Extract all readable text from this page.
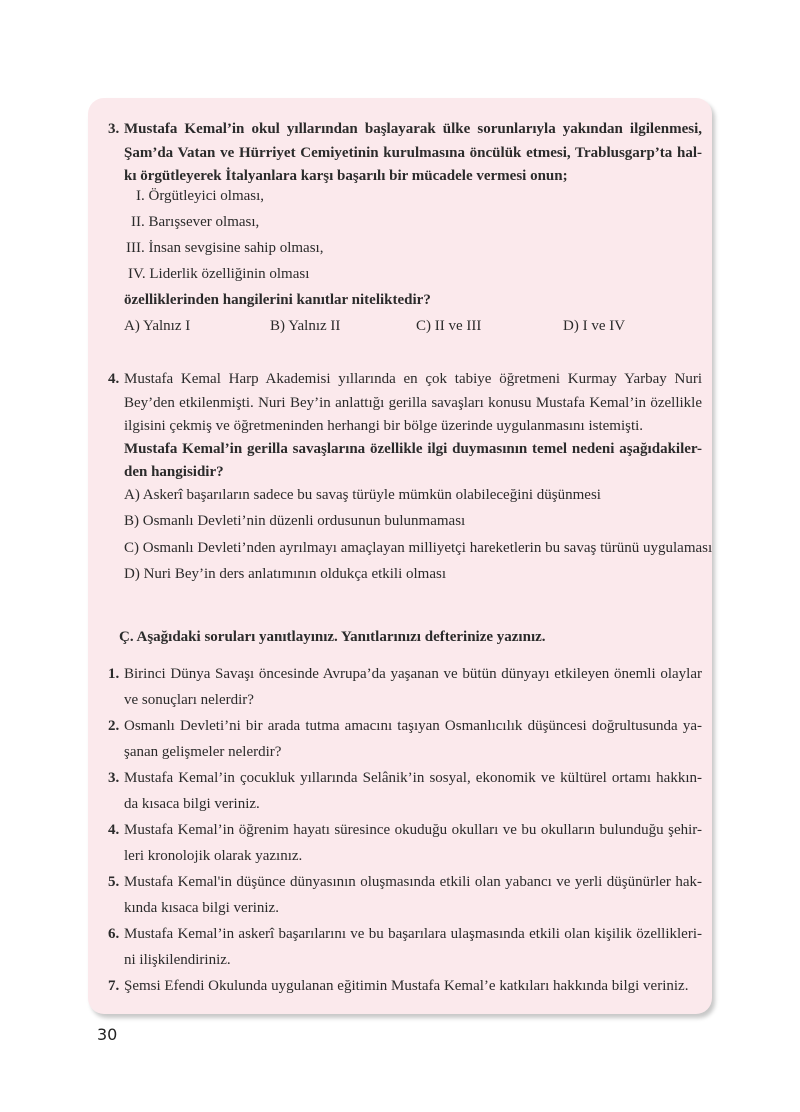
3. Mustafa Kemal’in okul yıllarından başlayarak ülke sorunlarıyla yakından ilgilenmesi,
Şam’da Vatan ve Hürriyet Cemiyetinin kurulmasına öncülük etmesi, Trablusgarp’ta hal-
kı örgütleyerek İtalyanlara karşı başarılı bir mücadele vermesi onun;
I. Örgütleyici olması,
II. Barışsever olması,
III. İnsan sevgisine sahip olması,
IV. Liderlik özelliğinin olması
özelliklerinden hangilerini kanıtlar niteliktedir?
A) Yalnız I	B) Yalnız II	C) II ve III	D) I ve IV
4. Mustafa Kemal Harp Akademisi yıllarında en çok tabiye öğretmeni Kurmay Yarbay Nuri
Bey’den etkilenmişti. Nuri Bey’in anlattığı gerilla savaşları konusu Mustafa Kemal’in özellikle
ilgisini çekmiş ve öğretmeninden herhangi bir bölge üzerinde uygulanmasını istemişti.
Mustafa Kemal’in gerilla savaşlarına özellikle ilgi duymasının temel nedeni aşağıdakiler-
den hangisidir?
A) Askerî başarıların sadece bu savaş türüyle mümkün olabileceğini düşünmesi
B) Osmanlı Devleti’nin düzenli ordusunun bulunmaması
C) Osmanlı Devleti’nden ayrılmayı amaçlayan milliyetçi hareketlerin bu savaş türünü uygulaması
D) Nuri Bey’in ders anlatımının oldukça etkili olması
Ç. Aşağıdaki soruları yanıtlayınız. Yanıtlarınızı defterinize yazınız.
1. Birinci Dünya Savaşı öncesinde Avrupa’da yaşanan ve bütün dünyayı etkileyen önemli olaylar
ve sonuçları nelerdir?
2. Osmanlı Devleti’ni bir arada tutma amacını taşıyan Osmanlıcılık düşüncesi doğrultusunda ya-
şanan gelişmeler nelerdir?
3. Mustafa Kemal’in çocukluk yıllarında Selânik’in sosyal, ekonomik ve kültürel ortamı hakkın-
da kısaca bilgi veriniz.
4. Mustafa Kemal’in öğrenim hayatı süresince okuduğu okulları ve bu okulların bulunduğu şehir-
leri kronolojik olarak yazınız.
5. Mustafa Kemal'in düşünce dünyasının oluşmasında etkili olan yabancı ve yerli düşünürler hak-
kında kısaca bilgi veriniz.
6. Mustafa Kemal’in askerî başarılarını ve bu başarılara ulaşmasında etkili olan kişilik özellikleri-
ni ilişkilendiriniz.
7. Şemsi Efendi Okulunda uygulanan eğitimin Mustafa Kemal’e katkıları hakkında bilgi veriniz.
30
